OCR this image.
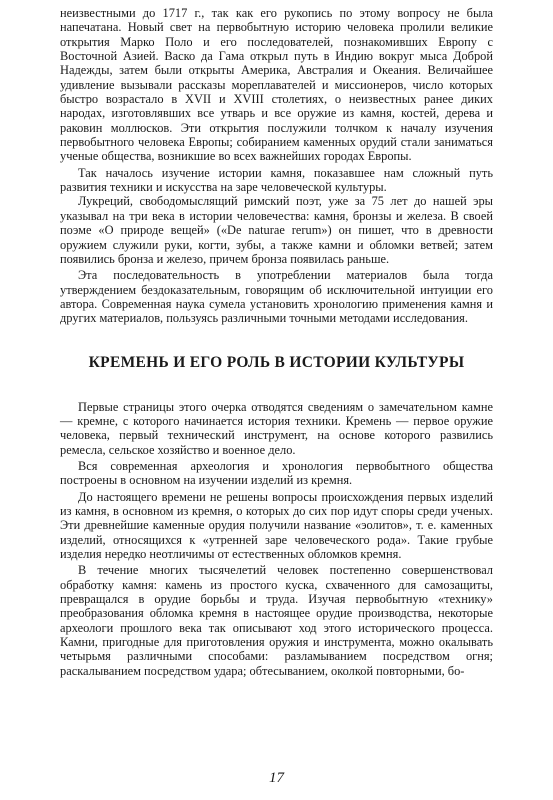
неизвестными до 1717 г., так как его рукопись по этому вопросу не была напечатана. Новый свет на первобытную историю человека пролили великие открытия Марко Поло и его последователей, познакомивших Европу с Восточной Азией. Васко да Гама открыл путь в Индию вокруг мыса Доброй Надежды, затем были открыты Америка, Австралия и Океания. Величайшее удивление вызывали рассказы мореплавателей и миссионеров, число которых быстро возрастало в XVII и XVIII столетиях, о неизвестных ранее диких народах, изготовлявших все утварь и все оружие из камня, костей, дерева и раковин моллюсков. Эти открытия послужили толчком к началу изучения первобытного человека Европы; собиранием каменных орудий стали заниматься ученые общества, возникшие во всех важнейших городах Европы.

Так началось изучение истории камня, показавшее нам сложный путь развития техники и искусства на заре человеческой культуры.

Лукреций, свободомыслящий римский поэт, уже за 75 лет до нашей эры указывал на три века в истории человечества: камня, бронзы и железа. В своей поэме «О природе вещей» («De naturae rerum») он пишет, что в древности оружием служили руки, когти, зубы, а также камни и обломки ветвей; затем появились бронза и железо, причем бронза появилась раньше.

Эта последовательность в употреблении материалов была тогда утверждением бездоказательным, говорящим об исключительной интуиции его автора. Современная наука сумела установить хронологию применения камня и других материалов, пользуясь различными точными методами исследования.

КРЕМЕНЬ И ЕГО РОЛЬ В ИСТОРИИ КУЛЬТУРЫ

Первые страницы этого очерка отводятся сведениям о замечательном камне — кремне, с которого начинается история техники. Кремень — первое оружие человека, первый технический инструмент, на основе которого развились ремесла, сельское хозяйство и военное дело.

Вся современная археология и хронология первобытного общества построены в основном на изучении изделий из кремня.

До настоящего времени не решены вопросы происхождения первых изделий из камня, в основном из кремня, о которых до сих пор идут споры среди ученых. Эти древнейшие каменные орудия получили название «эолитов», т. е. каменных изделий, относящихся к «утренней заре человеческого рода». Такие грубые изделия нередко неотличимы от естественных обломков кремня.

В течение многих тысячелетий человек постепенно совершенствовал обработку камня: камень из простого куска, схваченного для самозащиты, превращался в орудие борьбы и труда. Изучая первобытную «технику» преобразования обломка кремня в настоящее орудие производства, некоторые археологи прошлого века так описывают ход этого исторического процесса. Камни, пригодные для приготовления оружия и инструмента, можно окалывать четырьмя различными способами: разламыванием посредством огня; раскалыванием посредством удара; обтесыванием, околкой повторными, бо-

17
